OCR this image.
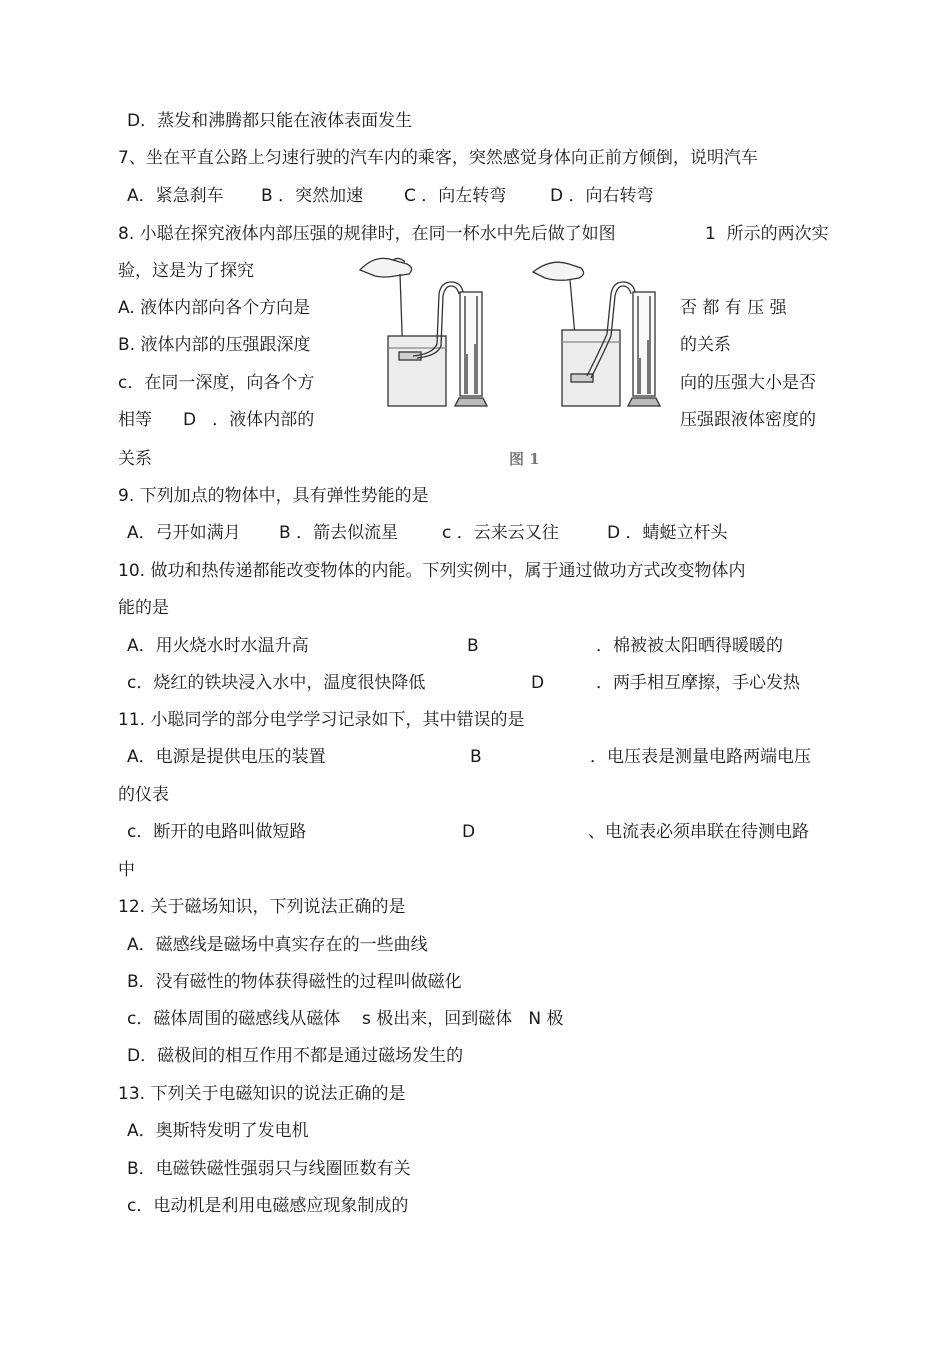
D．蒸发和沸腾都只能在液体表面发生
7、坐在平直公路上匀速行驶的汽车内的乘客，突然感觉身体向正前方倾倒，说明汽车
A．紧急刹车 B ．突然加速 C ．向左转弯	D ．向右转弯
8. 小聪在探究液体内部压强的规律时，在同一杯水中先后做了如图	1  所示的两次实
验，这是为了探究
A. 液体内部向各个方向是	否 都 有 压 强
B. 液体内部的压强跟深度	的关系
c．在同一深度，向各个方	向的压强大小是否
相等 D   ．液体内部的	压强跟液体密度的
关系	图 1
9. 下列加点的物体中，具有弹性势能的是
A．弓开如满月 B ．箭去似流星	c ．云来云又往	D ．蜻蜓立杆头
10. 做功和热传递都能改变物体的内能。下列实例中，属于通过做功方式改变物体内
能的是
A．用火烧水时水温升高	B	．棉被被太阳晒得暖暖的
c．烧红的铁块浸入水中，温度很快降低	D	．两手相互摩擦，手心发热
11. 小聪同学的部分电学学习记录如下，其中错误的是
A．电源是提供电压的装置	B	．电压表是测量电路两端电压
的仪表
c．断开的电路叫做短路	D	、电流表必须串联在待测电路
中
12. 关于磁场知识，下列说法正确的是
A．磁感线是磁场中真实存在的一些曲线
B．没有磁性的物体获得磁性的过程叫做磁化
c．磁体周围的磁感线从磁体    s 极出来，回到磁体   N 极
D．磁极间的相互作用不都是通过磁场发生的
13. 下列关于电磁知识的说法正确的是
A．奥斯特发明了发电机
B．电磁铁磁性强弱只与线圈匝数有关
c．电动机是利用电磁感应现象制成的
